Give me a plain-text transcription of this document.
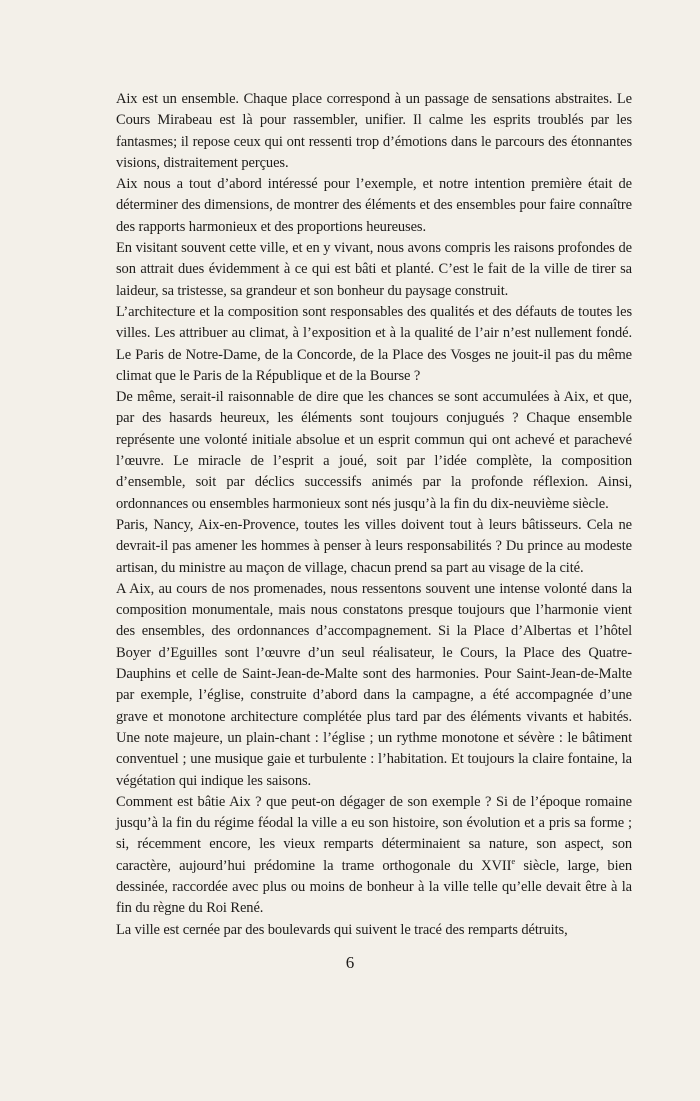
Aix est un ensemble. Chaque place correspond à un passage de sensations abstraites. Le Cours Mirabeau est là pour rassembler, unifier. Il calme les esprits troublés par les fantasmes; il repose ceux qui ont ressenti trop d’émotions dans le parcours des étonnantes visions, distraitement perçues.

Aix nous a tout d’abord intéressé pour l’exemple, et notre intention première était de déterminer des dimensions, de montrer des éléments et des ensembles pour faire connaître des rapports harmonieux et des proportions heureuses.

En visitant souvent cette ville, et en y vivant, nous avons compris les raisons profondes de son attrait dues évidemment à ce qui est bâti et planté. C’est le fait de la ville de tirer sa laideur, sa tristesse, sa grandeur et son bonheur du paysage construit.

L’architecture et la composition sont responsables des qualités et des défauts de toutes les villes. Les attribuer au climat, à l’exposition et à la qualité de l’air n’est nullement fondé. Le Paris de Notre-Dame, de la Concorde, de la Place des Vosges ne jouit-il pas du même climat que le Paris de la République et de la Bourse ?

De même, serait-il raisonnable de dire que les chances se sont accumulées à Aix, et que, par des hasards heureux, les éléments sont toujours conjugués ? Chaque ensemble représente une volonté initiale absolue et un esprit commun qui ont achevé et parachevé l’œuvre. Le miracle de l’esprit a joué, soit par l’idée complète, la composition d’ensemble, soit par déclics successifs animés par la profonde réflexion. Ainsi, ordonnances ou ensembles harmonieux sont nés jusqu’à la fin du dix-neuvième siècle.

Paris, Nancy, Aix-en-Provence, toutes les villes doivent tout à leurs bâtisseurs. Cela ne devrait-il pas amener les hommes à penser à leurs responsabilités ? Du prince au modeste artisan, du ministre au maçon de village, chacun prend sa part au visage de la cité.

A Aix, au cours de nos promenades, nous ressentons souvent une intense volonté dans la composition monumentale, mais nous constatons presque toujours que l’harmonie vient des ensembles, des ordonnances d’accompagnement. Si la Place d’Albertas et l’hôtel Boyer d’Eguilles sont l’œuvre d’un seul réalisateur, le Cours, la Place des Quatre-Dauphins et celle de Saint-Jean-de-Malte sont des harmonies. Pour Saint-Jean-de-Malte par exemple, l’église, construite d’abord dans la campagne, a été accompagnée d’une grave et monotone architecture complétée plus tard par des éléments vivants et habités. Une note majeure, un plain-chant : l’église ; un rythme monotone et sévère : le bâtiment conventuel ; une musique gaie et turbulente : l’habitation. Et toujours la claire fontaine, la végétation qui indique les saisons.

Comment est bâtie Aix ? que peut-on dégager de son exemple ? Si de l’époque romaine jusqu’à la fin du régime féodal la ville a eu son histoire, son évolution et a pris sa forme ; si, récemment encore, les vieux remparts déterminaient sa nature, son aspect, son caractère, aujourd’hui prédomine la trame orthogonale du XVIIe siècle, large, bien dessinée, raccordée avec plus ou moins de bonheur à la ville telle qu’elle devait être à la fin du règne du Roi René.

La ville est cernée par des boulevards qui suivent le tracé des remparts détruits,

6
